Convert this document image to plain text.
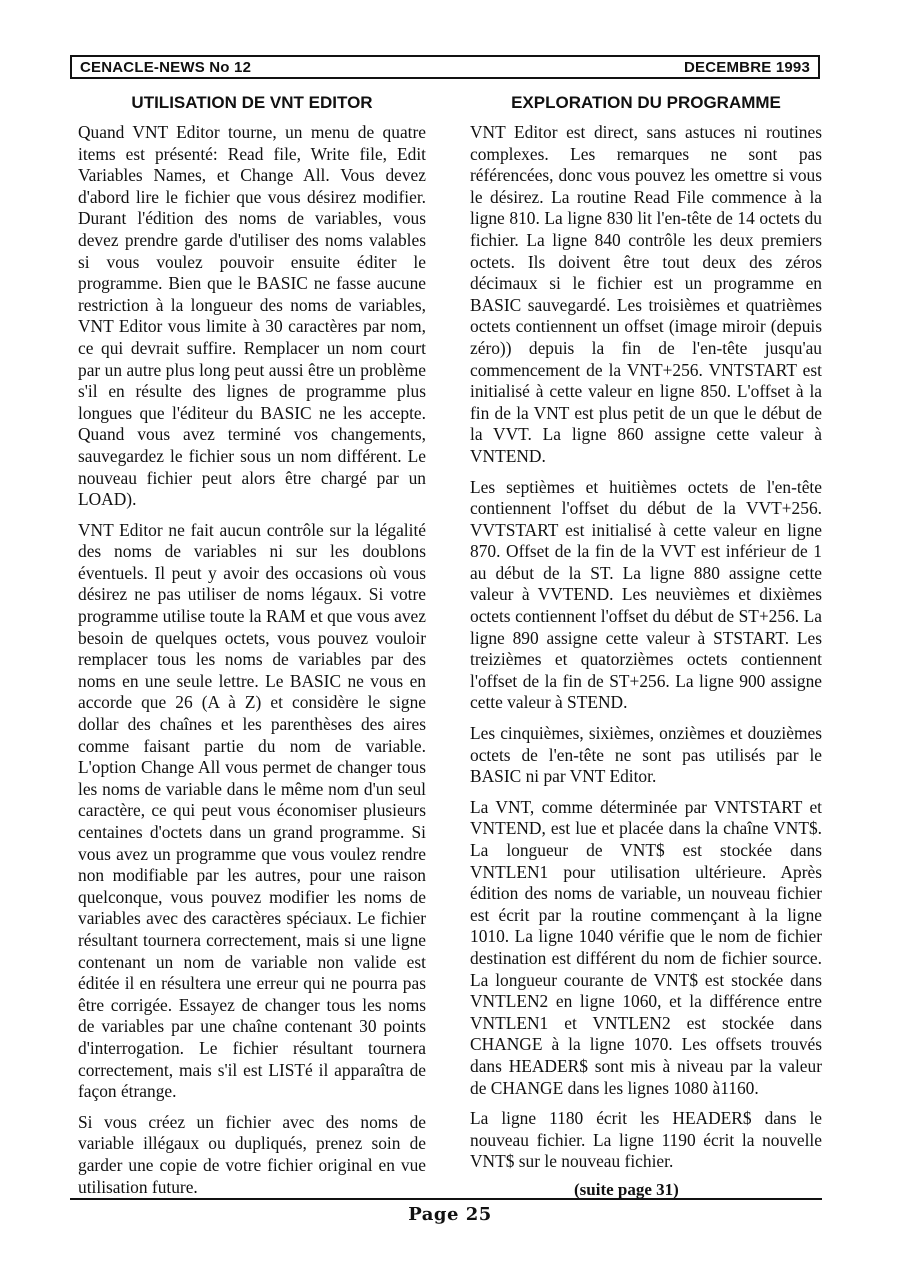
CENACLE-NEWS No 12	DECEMBRE 1993
UTILISATION DE VNT EDITOR

Quand VNT Editor tourne, un menu de quatre items est présenté: Read file, Write file, Edit Variables Names, et Change All. Vous devez d'abord lire le fichier que vous désirez modifier. Durant l'édition des noms de variables, vous devez prendre garde d'utiliser des noms valables si vous voulez pouvoir ensuite éditer le programme. Bien que le BASIC ne fasse aucune restriction à la longueur des noms de variables, VNT Editor vous limite à 30 caractères par nom, ce qui devrait suffire. Remplacer un nom court par un autre plus long peut aussi être un problème s'il en résulte des lignes de programme plus longues que l'éditeur du BASIC ne les accepte. Quand vous avez terminé vos changements, sauvegardez le fichier sous un nom différent. Le nouveau fichier peut alors être chargé par un LOAD).

VNT Editor ne fait aucun contrôle sur la légalité des noms de variables ni sur les doublons éventuels. Il peut y avoir des occasions où vous désirez ne pas utiliser de noms légaux. Si votre programme utilise toute la RAM et que vous avez besoin de quelques octets, vous pouvez vouloir remplacer tous les noms de variables par des noms en une seule lettre. Le BASIC ne vous en accorde que 26 (A à Z) et considère le signe dollar des chaînes et les parenthèses des aires comme faisant partie du nom de variable. L'option Change All vous permet de changer tous les noms de variable dans le même nom d'un seul caractère, ce qui peut vous économiser plusieurs centaines d'octets dans un grand programme. Si vous avez un programme que vous voulez rendre non modifiable par les autres, pour une raison quelconque, vous pouvez modifier les noms de variables avec des caractères spéciaux. Le fichier résultant tournera correctement, mais si une ligne contenant un nom de variable non valide est éditée il en résultera une erreur qui ne pourra pas être corrigée. Essayez de changer tous les noms de variables par une chaîne contenant 30 points d'interrogation. Le fichier résultant tournera correctement, mais s'il est LISTé il apparaîtra de façon étrange.

Si vous créez un fichier avec des noms de variable illégaux ou dupliqués, prenez soin de garder une copie de votre fichier original en vue utilisation future.

EXPLORATION DU PROGRAMME

VNT Editor est direct, sans astuces ni routines complexes. Les remarques ne sont pas référencées, donc vous pouvez les omettre si vous le désirez. La routine Read File commence à la ligne 810. La ligne 830 lit l'en-tête de 14 octets du fichier. La ligne 840 contrôle les deux premiers octets. Ils doivent être tout deux des zéros décimaux si le fichier est un programme en BASIC sauvegardé. Les troisièmes et quatrièmes octets contiennent un offset (image miroir (depuis zéro)) depuis la fin de l'en-tête jusqu'au commencement de la VNT+256. VNTSTART est initialisé à cette valeur en ligne 850. L'offset à la fin de la VNT est plus petit de un que le début de la VVT. La ligne 860 assigne cette valeur à VNTEND.

Les septièmes et huitièmes octets de l'en-tête contiennent l'offset du début de la VVT+256. VVTSTART est initialisé à cette valeur en ligne 870. Offset de la fin de la VVT est inférieur de 1 au début de la ST. La ligne 880 assigne cette valeur à VVTEND. Les neuvièmes et dixièmes octets contiennent l'offset du début de ST+256. La ligne 890 assigne cette valeur à STSTART. Les treizièmes et quatorzièmes octets contiennent l'offset de la fin de ST+256. La ligne 900 assigne cette valeur à STEND.

Les cinquièmes, sixièmes, onzièmes et douzièmes octets de l'en-tête ne sont pas utilisés par le BASIC ni par VNT Editor.

La VNT, comme déterminée par VNTSTART et VNTEND, est lue et placée dans la chaîne VNT$. La longueur de VNT$ est stockée dans VNTLEN1 pour utilisation ultérieure. Après édition des noms de variable, un nouveau fichier est écrit par la routine commençant à la ligne 1010. La ligne 1040 vérifie que le nom de fichier destination est différent du nom de fichier source. La longueur courante de VNT$ est stockée dans VNTLEN2 en ligne 1060, et la différence entre VNTLEN1 et VNTLEN2 est stockée dans CHANGE à la ligne 1070. Les offsets trouvés dans HEADER$ sont mis à niveau par la valeur de CHANGE dans les lignes 1080 à1160.

La ligne 1180 écrit les HEADER$ dans le nouveau fichier. La ligne 1190 écrit la nouvelle VNT$ sur le nouveau fichier.

(suite page 31)
Page 25
